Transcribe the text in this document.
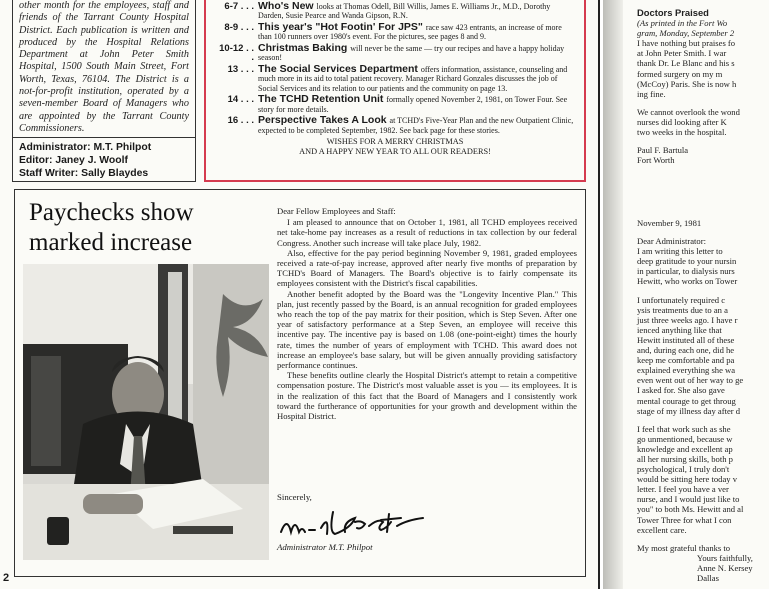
other month for the employees, staff and friends of the Tarrant County Hospital District. Each publication is written and produced by the Hospital Relations Department at John Peter Smith Hospital, 1500 South Main Street, Fort Worth, Texas, 76104. The District is a not-for-profit institution, operated by a seven-member Board of Managers who are appointed by the Tarrant County Commissioners.
Administrator: M.T. Philpot
Editor: Janey J. Woolf
Staff Writer: Sally Blaydes
6-7 . . . Who's New looks at Thomas Odell, Bill Willis, James E. Williams Jr., M.D., Dorothy Darden, Susie Pearce and Wanda Gipson, R.N.
8-9 . . . This year's "Hot Footin' For JPS" race saw 423 entrants, an increase of more than 100 runners over 1980's event. For the pictures, see pages 8 and 9.
10-12 . . .
Christmas Baking will never be the same — try our recipes and have a happy holiday season!
13 . . . The Social Services Department offers information, assistance, counseling and much more in its aid to total patient recovery. Manager Richard Gonzales discusses the job of Social Services and its relation to our patients and the community on page 13.
14 . . . The TCHD Retention Unit formally opened November 2, 1981, on Tower Four. See story for more details.
16 . . . Perspective Takes A Look at TCHD's Five-Year Plan and the new Outpatient Clinic, expected to be completed September, 1982. See back page for these stories.
WISHES FOR A MERRY CHRISTMAS
AND A HAPPY NEW YEAR TO ALL OUR READERS!
Paychecks show marked increase

Dear Fellow Employees and Staff:

I am pleased to announce that on October 1, 1981, all TCHD employees received net take-home pay increases as a result of reductions in tax collection by our federal Congress. Another such increase will take place July, 1982.

Also, effective for the pay period beginning November 9, 1981, graded employees received a rate-of-pay increase, approved after nearly five months of preparation by TCHD's Board of Managers. The Board's objective is to fairly compensate its employees consistent with the District's fiscal capabilities.

Another benefit adopted by the Board was the "Longevity Incentive Plan." This plan, just recently passed by the Board, is an annual recognition for graded employees who reach the top of the pay matrix for their position, which is Step Seven. After one year of satisfactory performance at a Step Seven, an employee will receive this incentive pay. The incentive pay is based on 1.08 (one-point-eight) times the hourly rate, times the number of years of employment with TCHD. This award does not increase an employee's base salary, but will be given annually providing satisfactory performance continues.

These benefits outline clearly the Hospital District's attempt to retain a competitive compensation posture. The District's most valuable asset is you — its employees. It is in the realization of this fact that the Board of Managers and I consistently work toward the furtherance of opportunities for your growth and development within the Hospital District.

Sincerely,
Administrator M.T. Philpot
2
Doctors Praised

(As printed in the Fort Wo

gram, Monday, September 2

I have nothing but praises fo

at John Peter Smith. I war

thank Dr. Le Blanc and his s

formed surgery on my m

(McCoy) Paris. She is now h

ing fine.

We cannot overlook the wond

nurses did looking after K

two weeks in the hospital.

Paul F. Bartula

Fort Worth

November 9, 1981

Dear Administrator:

I am writing this letter to

deep gratitude to your nursin

in particular, to dialysis nurs

Hewitt, who works on Tower

I unfortunately required c

ysis treatments due to an a

just three weeks ago. I have r

ienced anything like that

Hewitt instituted all of these

and, during each one, did he

keep me comfortable and pa

explained everything she wa

even went out of her way to ge

I asked for. She also gave

mental courage to get throug

stage of my illness day after d

I feel that work such as she

go unmentioned, because w

knowledge and excellent ap

all her nursing skills, both p

psychological, I truly don't

would be sitting here today v

letter. I feel you have a ver

nurse, and I would just like to

you" to both Ms. Hewitt and al

Tower Three for what I con

excellent care.

My most grateful thanks to

Yours faithfully,

Anne N. Kersey

Dallas
